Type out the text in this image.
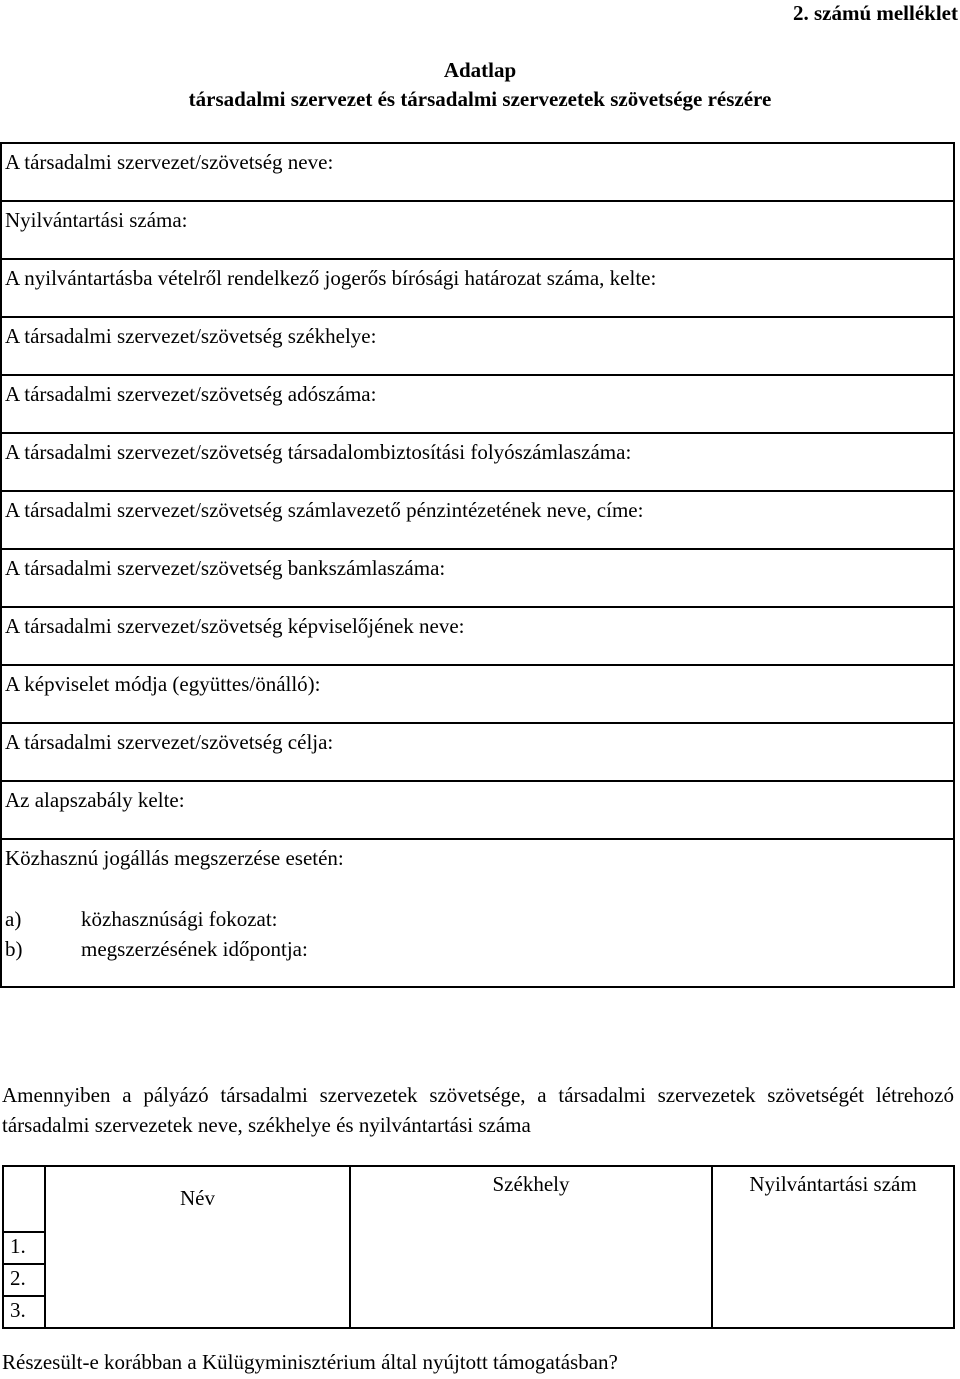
2. számú melléklet
Adatlap
társadalmi szervezet és társadalmi szervezetek szövetsége részére
A társadalmi szervezet/szövetség neve:
Nyilvántartási száma:
A nyilvántartásba vételről rendelkező jogerős bírósági határozat száma, kelte:
A társadalmi szervezet/szövetség székhelye:
A társadalmi szervezet/szövetség adószáma:
A társadalmi szervezet/szövetség társadalombiztosítási folyószámlaszáma:
A társadalmi szervezet/szövetség számlavezető pénzintézetének neve, címe:
A társadalmi szervezet/szövetség bankszámlaszáma:
A társadalmi szervezet/szövetség képviselőjének neve:
A képviselet módja (együttes/önálló):
A társadalmi szervezet/szövetség célja:
Az alapszabály kelte:

Közhasznú jogállás megszerzése esetén:
a)	közhasznúsági fokozat:
b)	megszerzésének időpontja:
Amennyiben a pályázó társadalmi szervezetek szövetsége, a társadalmi szervezetek szövetségét létrehozó társadalmi szervezetek neve, székhelye és nyilvántartási száma
	Név	Székhely	Nyilvántartási szám
1.
2.
3.
Részesült-e korábban a Külügyminisztérium által nyújtott támogatásban?
